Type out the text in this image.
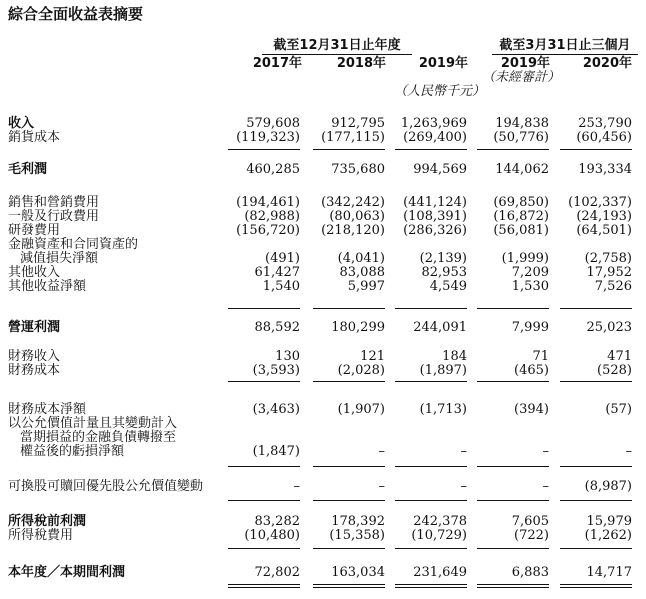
綜合全面收益表摘要
截至12月31日止年度	截至3月31日止三個月
2017年	2018年	2019年	2019年	2020年
（人民幣千元）
（未經審計）
收入	579,608	912,795	1,263,969	194,838	253,790
銷貨成本	(119,323)	(177,115)	(269,400)	(50,776)	(60,456)
毛利潤	460,285	735,680	994,569	144,062	193,334
銷售和營銷費用	(194,461)	(342,242)	(441,124)	(69,850)	(102,337)
一般及行政費用	(82,988)	(80,063)	(108,391)	(16,872)	(24,193)
研發費用	(156,720)	(218,120)	(286,326)	(56,081)	(64,501)
金融資產和合同資產的
減值損失淨額	(491)	(4,041)	(2,139)	(1,999)	(2,758)
其他收入	61,427	83,088	82,953	7,209	17,952
其他收益淨額	1,540	5,997	4,549	1,530	7,526
營運利潤	88,592	180,299	244,091	7,999	25,023
財務收入	130	121	184	71	471
財務成本	(3,593)	(2,028)	(1,897)	(465)	(528)
財務成本淨額	(3,463)	(1,907)	(1,713)	(394)	(57)
以公允價值計量且其變動計入
當期損益的金融負債轉撥至
權益後的虧損淨額	(1,847)	–	–	–	–
可換股可贖回優先股公允價值變動	–	–	–	–	(8,987)
所得稅前利潤	83,282	178,392	242,378	7,605	15,979
所得稅費用	(10,480)	(15,358)	(10,729)	(722)	(1,262)
本年度／本期間利潤	72,802	163,034	231,649	6,883	14,717
